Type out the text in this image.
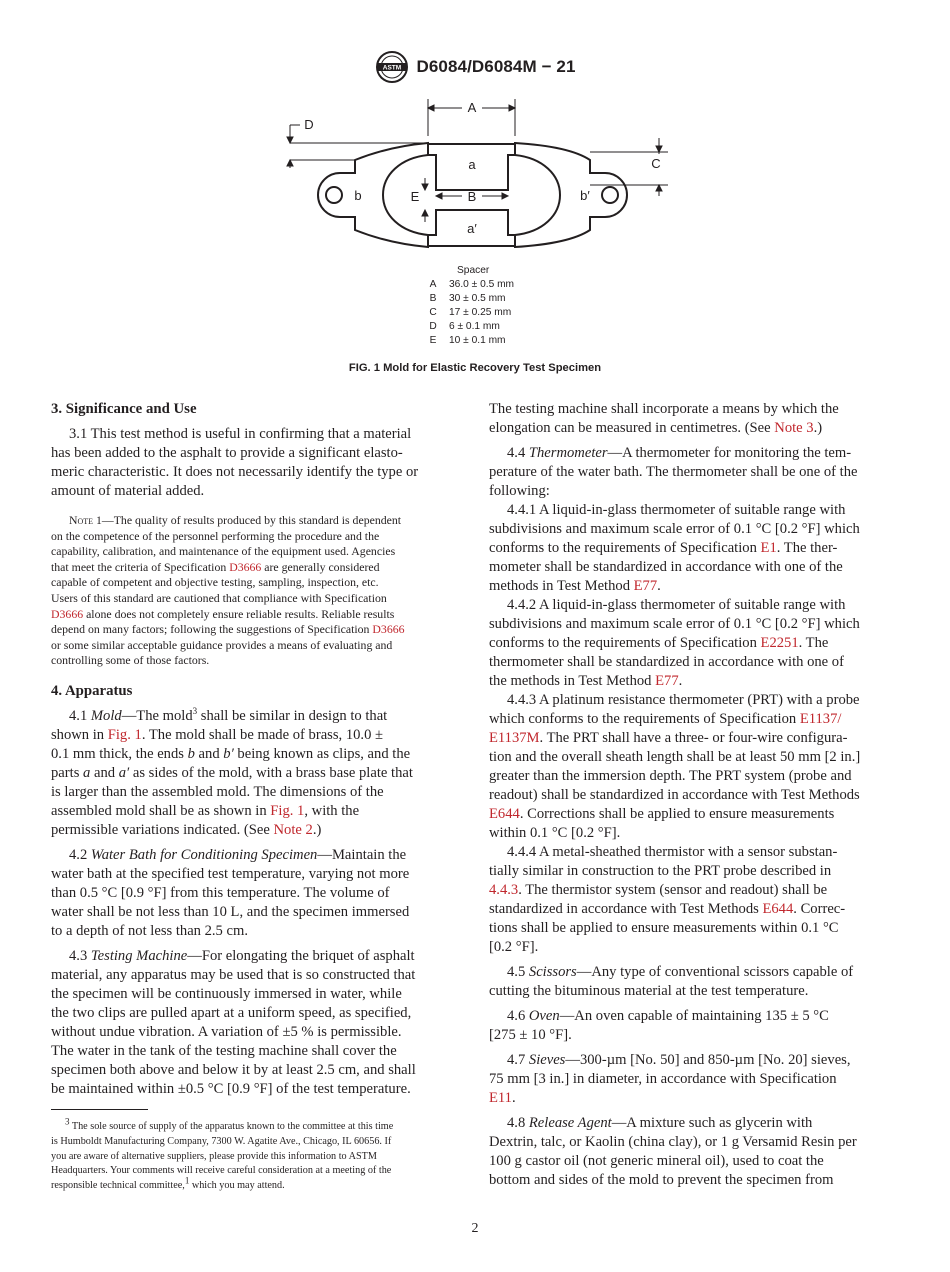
ASTM D6084/D6084M − 21
A
a
B
a′
b	b′
C
D
E
Spacer
A	36.0 ± 0.5 mm
B	30 ± 0.5 mm
C	17 ± 0.25 mm
D	6 ± 0.1 mm
E	10 ± 0.1 mm
FIG. 1 Mold for Elastic Recovery Test Specimen

3. Significance and Use

3.1 This test method is useful in confirming that a material
has been added to the asphalt to provide a significant elasto-
meric characteristic. It does not necessarily identify the type or
amount of material added.

Note 1—The quality of results produced by this standard is dependent
on the competence of the personnel performing the procedure and the
capability, calibration, and maintenance of the equipment used. Agencies
that meet the criteria of Specification D3666 are generally considered
capable of competent and objective testing, sampling, inspection, etc.
Users of this standard are cautioned that compliance with Specification
D3666 alone does not completely ensure reliable results. Reliable results
depend on many factors; following the suggestions of Specification D3666
or some similar acceptable guidance provides a means of evaluating and
controlling some of those factors.

4. Apparatus

4.1 Mold—The mold$^3$ shall be similar in design to that
shown in Fig. 1. The mold shall be made of brass, 10.0 ±
0.1 mm thick, the ends b and b′ being known as clips, and the
parts a and a′ as sides of the mold, with a brass base plate that
is larger than the assembled mold. The dimensions of the
assembled mold shall be as shown in Fig. 1, with the
permissible variations indicated. (See Note 2.)

4.2 Water Bath for Conditioning Specimen—Maintain the
water bath at the specified test temperature, varying not more
than 0.5 °C [0.9 °F] from this temperature. The volume of
water shall be not less than 10 L, and the specimen immersed
to a depth of not less than 2.5 cm.

4.3 Testing Machine—For elongating the briquet of asphalt
material, any apparatus may be used that is so constructed that
the specimen will be continuously immersed in water, while
the two clips are pulled apart at a uniform speed, as specified,
without undue vibration. A variation of ±5 % is permissible.
The water in the tank of the testing machine shall cover the
specimen both above and below it by at least 2.5 cm, and shall
be maintained within ±0.5 °C [0.9 °F] of the test temperature.

$^3$ The sole source of supply of the apparatus known to the committee at this time
is Humboldt Manufacturing Company, 7300 W. Agatite Ave., Chicago, IL 60656. If
you are aware of alternative suppliers, please provide this information to ASTM
Headquarters. Your comments will receive careful consideration at a meeting of the
responsible technical committee,$^1$ which you may attend.

The testing machine shall incorporate a means by which the
elongation can be measured in centimetres. (See Note 3.)

4.4 Thermometer—A thermometer for monitoring the tem-
perature of the water bath. The thermometer shall be one of the
following:

4.4.1 A liquid-in-glass thermometer of suitable range with
subdivisions and maximum scale error of 0.1 °C [0.2 °F] which
conforms to the requirements of Specification E1. The ther-
mometer shall be standardized in accordance with one of the
methods in Test Method E77.

4.4.2 A liquid-in-glass thermometer of suitable range with
subdivisions and maximum scale error of 0.1 °C [0.2 °F] which
conforms to the requirements of Specification E2251. The
thermometer shall be standardized in accordance with one of
the methods in Test Method E77.

4.4.3 A platinum resistance thermometer (PRT) with a probe
which conforms to the requirements of Specification E1137/
E1137M. The PRT shall have a three- or four-wire configura-
tion and the overall sheath length shall be at least 50 mm [2 in.]
greater than the immersion depth. The PRT system (probe and
readout) shall be standardized in accordance with Test Methods
E644. Corrections shall be applied to ensure measurements
within 0.1 °C [0.2 °F].

4.4.4 A metal-sheathed thermistor with a sensor substan-
tially similar in construction to the PRT probe described in
4.4.3. The thermistor system (sensor and readout) shall be
standardized in accordance with Test Methods E644. Correc-
tions shall be applied to ensure measurements within 0.1 °C
[0.2 °F].

4.5 Scissors—Any type of conventional scissors capable of
cutting the bituminous material at the test temperature.

4.6 Oven—An oven capable of maintaining 135 ± 5 °C
[275 ± 10 °F].

4.7 Sieves—300-µm [No. 50] and 850-µm [No. 20] sieves,
75 mm [3 in.] in diameter, in accordance with Specification
E11.

4.8 Release Agent—A mixture such as glycerin with
Dextrin, talc, or Kaolin (china clay), or 1 g Versamid Resin per
100 g castor oil (not generic mineral oil), used to coat the
bottom and sides of the mold to prevent the specimen from

2
